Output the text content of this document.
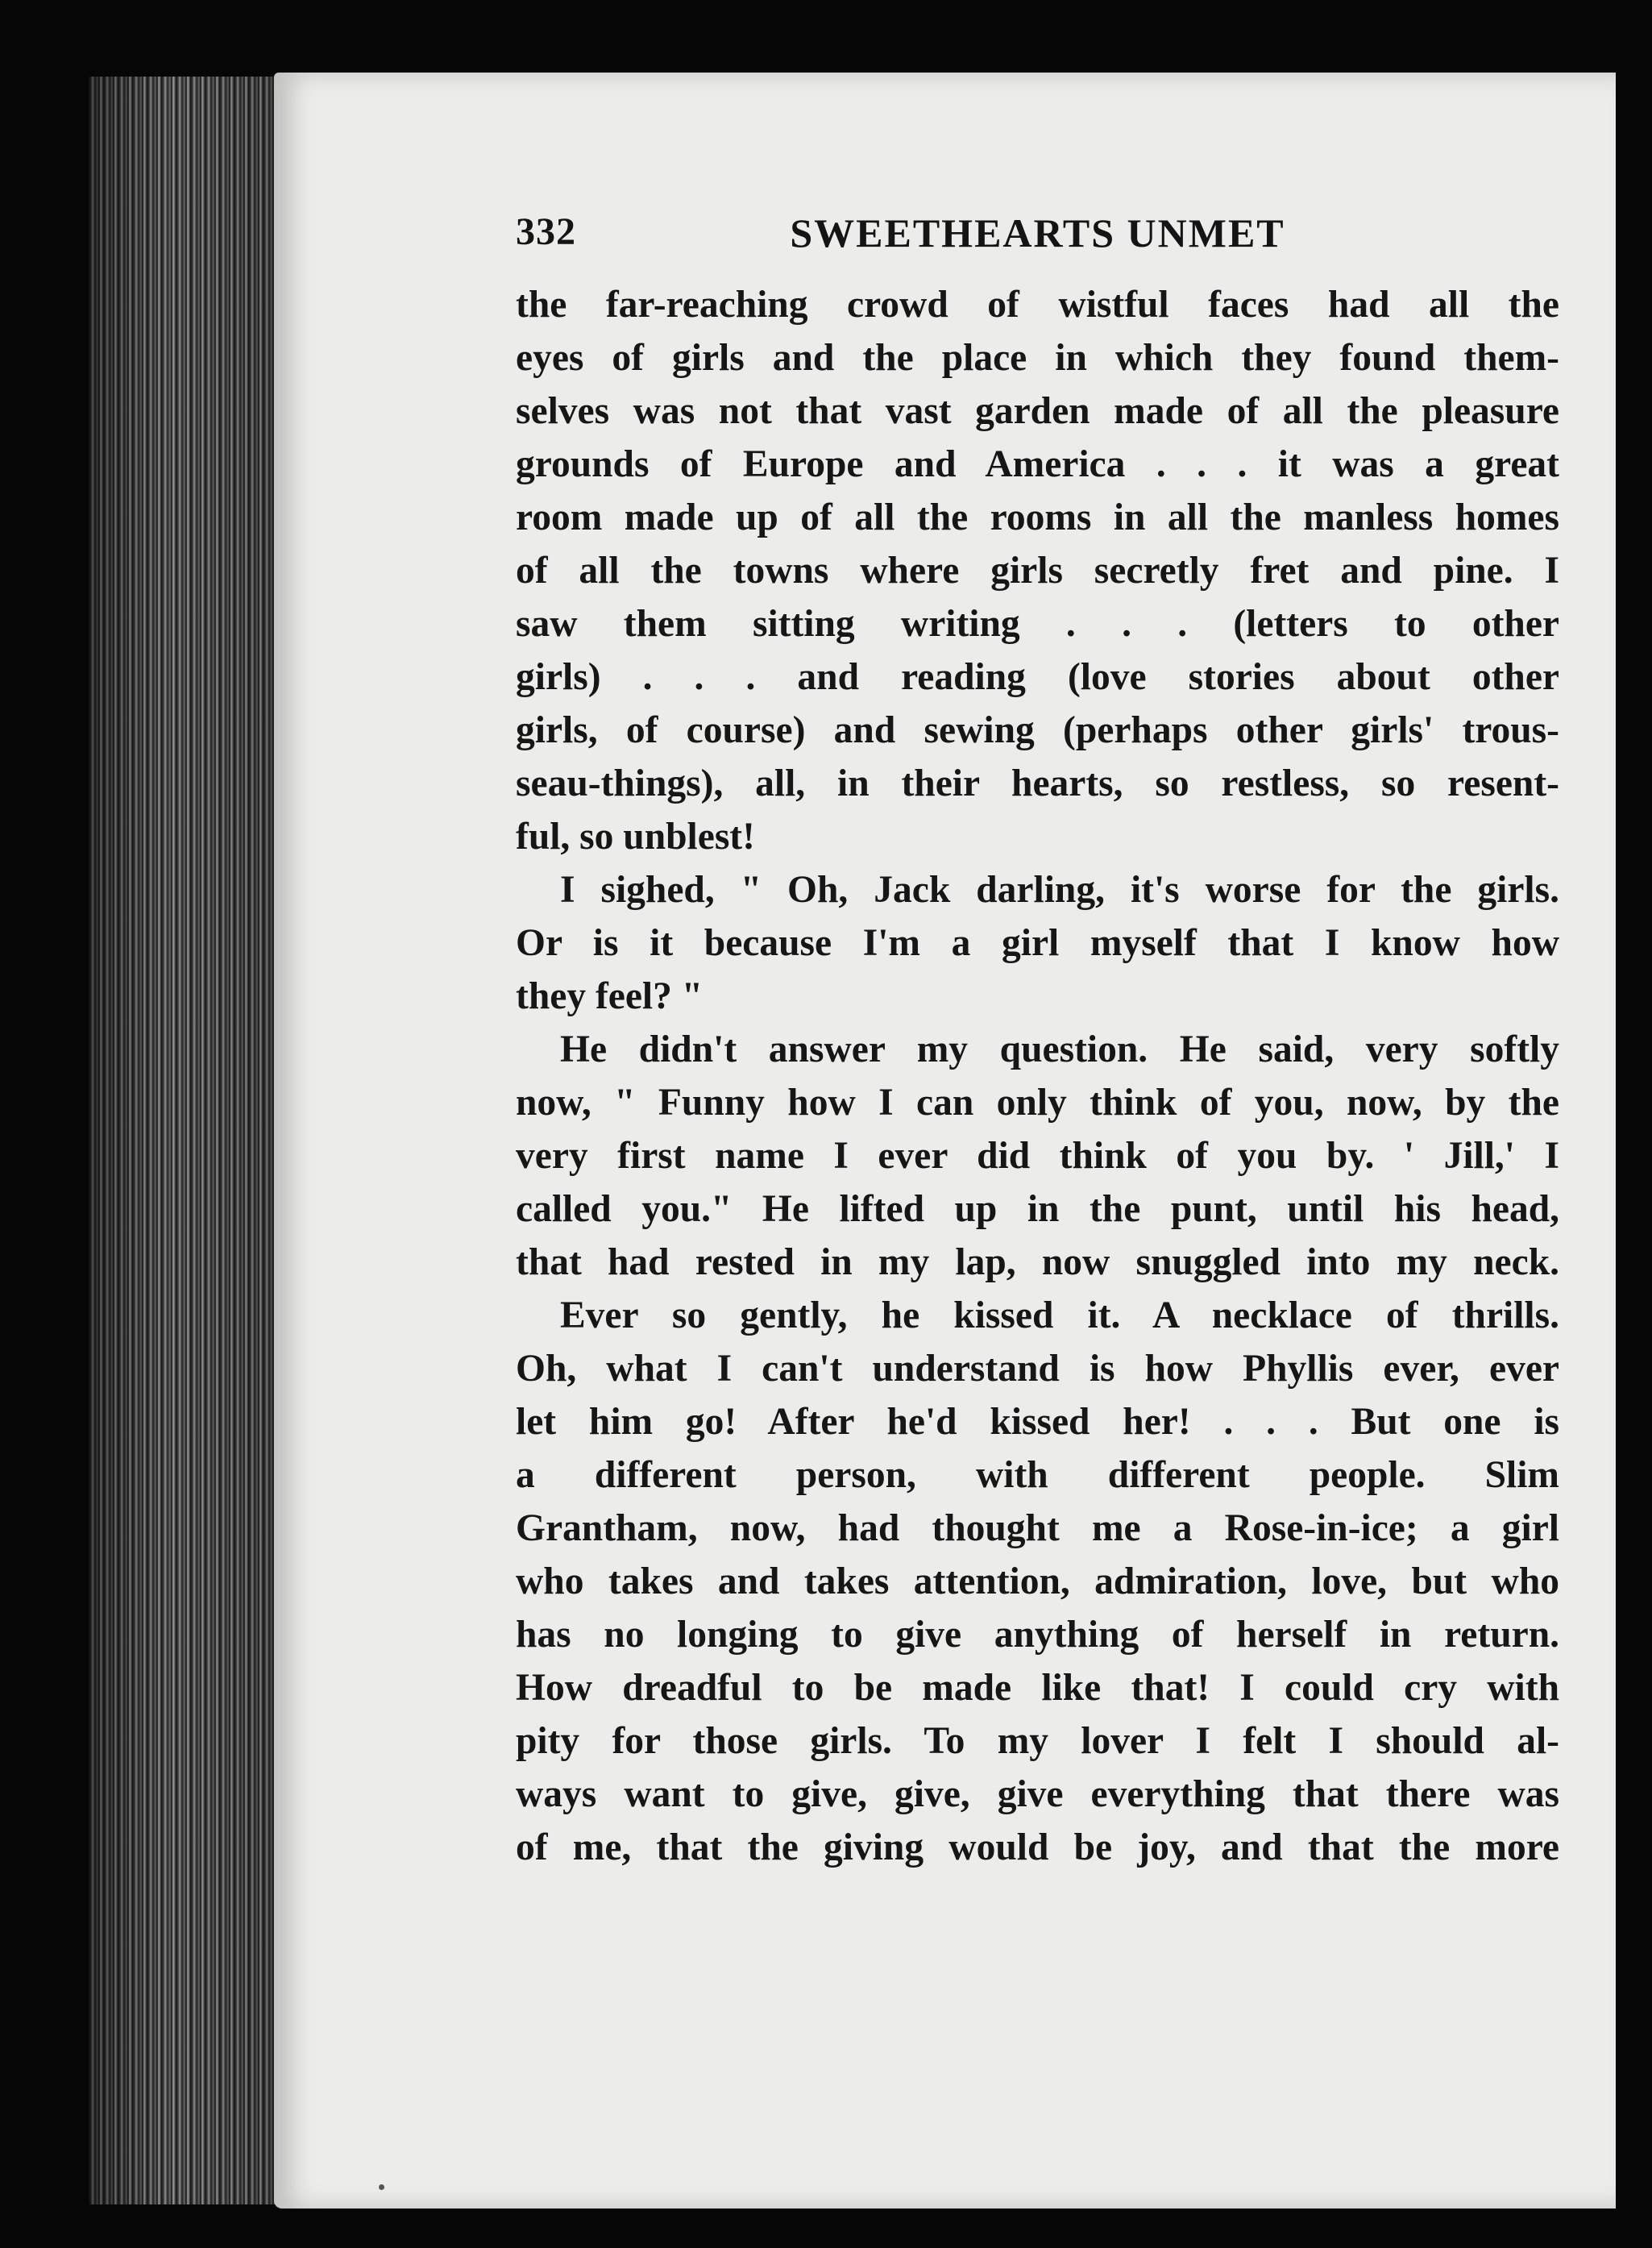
332	SWEETHEARTS UNMET
the far-reaching crowd of wistful faces had all the
eyes of girls and the place in which they found them-
selves was not that vast garden made of all the pleasure
grounds of Europe and America . . . it was a great
room made up of all the rooms in all the manless homes
of all the towns where girls secretly fret and pine. I
saw them sitting writing . . . (letters to other
girls) . . . and reading (love stories about other
girls, of course) and sewing (perhaps other girls' trous-
seau-things), all, in their hearts, so restless, so resent-
ful, so unblest!
I sighed, " Oh, Jack darling, it's worse for the girls.
Or is it because I'm a girl myself that I know how
they feel? "
He didn't answer my question. He said, very softly
now, " Funny how I can only think of you, now, by the
very first name I ever did think of you by. ' Jill,' I
called you." He lifted up in the punt, until his head,
that had rested in my lap, now snuggled into my neck.
Ever so gently, he kissed it. A necklace of thrills.
Oh, what I can't understand is how Phyllis ever, ever
let him go! After he'd kissed her! . . . But one is
a different person, with different people. Slim
Grantham, now, had thought me a Rose-in-ice; a girl
who takes and takes attention, admiration, love, but who
has no longing to give anything of herself in return.
How dreadful to be made like that! I could cry with
pity for those girls. To my lover I felt I should al-
ways want to give, give, give everything that there was
of me, that the giving would be joy, and that the more
